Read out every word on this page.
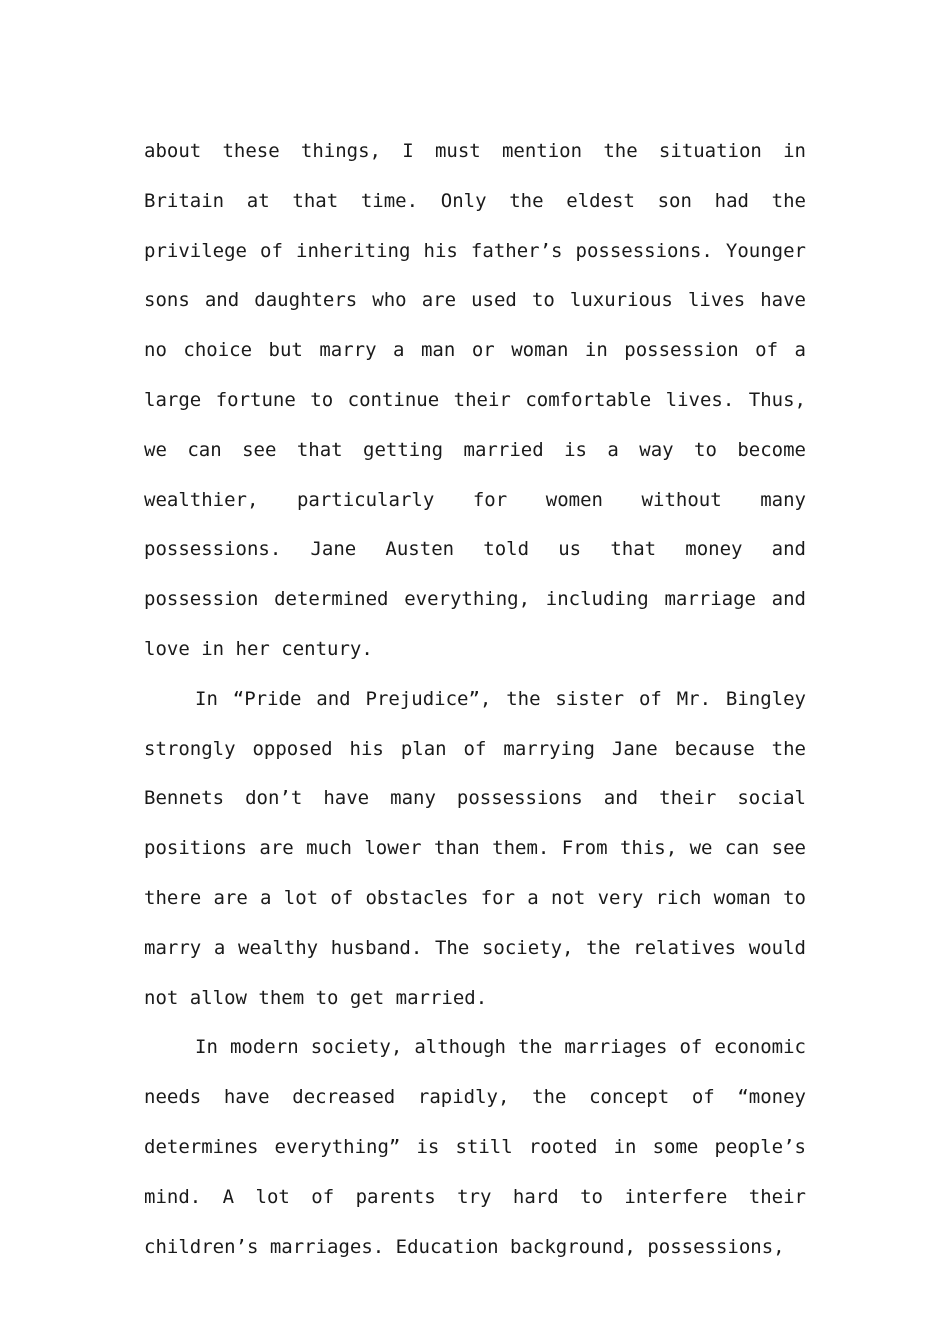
about these things, I must mention the situation in Britain at that time. Only the eldest son had the privilege of inheriting his father’s possessions. Younger sons and daughters who are used to luxurious lives have no choice but marry a man or woman in possession of a large fortune to continue their comfortable lives. Thus, we can see that getting married is a way to become wealthier, particularly for women without many possessions. Jane Austen told us that money and possession determined everything, including marriage and love in her century.

In “Pride and Prejudice”, the sister of Mr. Bingley strongly opposed his plan of marrying Jane because the Bennets don’t have many possessions and their social positions are much lower than them. From this, we can see there are a lot of obstacles for a not very rich woman to marry a wealthy husband. The society, the relatives would not allow them to get married.

In modern society, although the marriages of economic needs have decreased rapidly, the concept of “money determines everything” is still rooted in some people’s mind. A lot of parents try hard to interfere their children’s marriages. Education background, possessions,
